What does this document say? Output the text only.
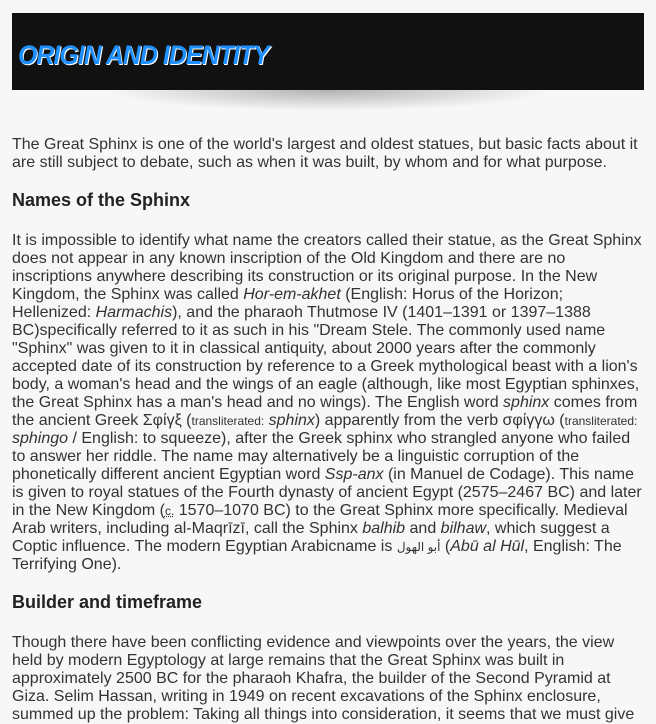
ORIGIN AND IDENTITY

The Great Sphinx is one of the world's largest and oldest statues, but basic facts about it are still subject to debate, such as when it was built, by whom and for what purpose.

Names of the Sphinx

It is impossible to identify what name the creators called their statue, as the Great Sphinx does not appear in any known inscription of the Old Kingdom and there are no inscriptions anywhere describing its construction or its original purpose. In the New Kingdom, the Sphinx was called Hor-em-akhet (English: Horus of the Horizon; Hellenized: Harmachis), and the pharaoh Thutmose IV (1401–1391 or 1397–1388 BC)specifically referred to it as such in his "Dream Stele. The commonly used name "Sphinx" was given to it in classical antiquity, about 2000 years after the commonly accepted date of its construction by reference to a Greek mythological beast with a lion's body, a woman's head and the wings of an eagle (although, like most Egyptian sphinxes, the Great Sphinx has a man's head and no wings). The English word sphinx comes from the ancient Greek Σφίγξ (transliterated: sphinx) apparently from the verb σφίγγω (transliterated: sphingo / English: to squeeze), after the Greek sphinx who strangled anyone who failed to answer her riddle. The name may alternatively be a linguistic corruption of the phonetically different ancient Egyptian word Ssp-anx (in Manuel de Codage). This name is given to royal statues of the Fourth dynasty of ancient Egypt (2575–2467 BC) and later in the New Kingdom (c. 1570–1070 BC) to the Great Sphinx more specifically. Medieval Arab writers, including al-Maqrīzī, call the Sphinx balhib and bilhaw, which suggest a Coptic influence. The modern Egyptian Arabicname is أبو الهول (Abū al Hūl, English: The Terrifying One).

Builder and timeframe

Though there have been conflicting evidence and viewpoints over the years, the view held by modern Egyptology at large remains that the Great Sphinx was built in approximately 2500 BC for the pharaoh Khafra, the builder of the Second Pyramid at Giza. Selim Hassan, writing in 1949 on recent excavations of the Sphinx enclosure, summed up the problem: Taking all things into consideration, it seems that we must give
